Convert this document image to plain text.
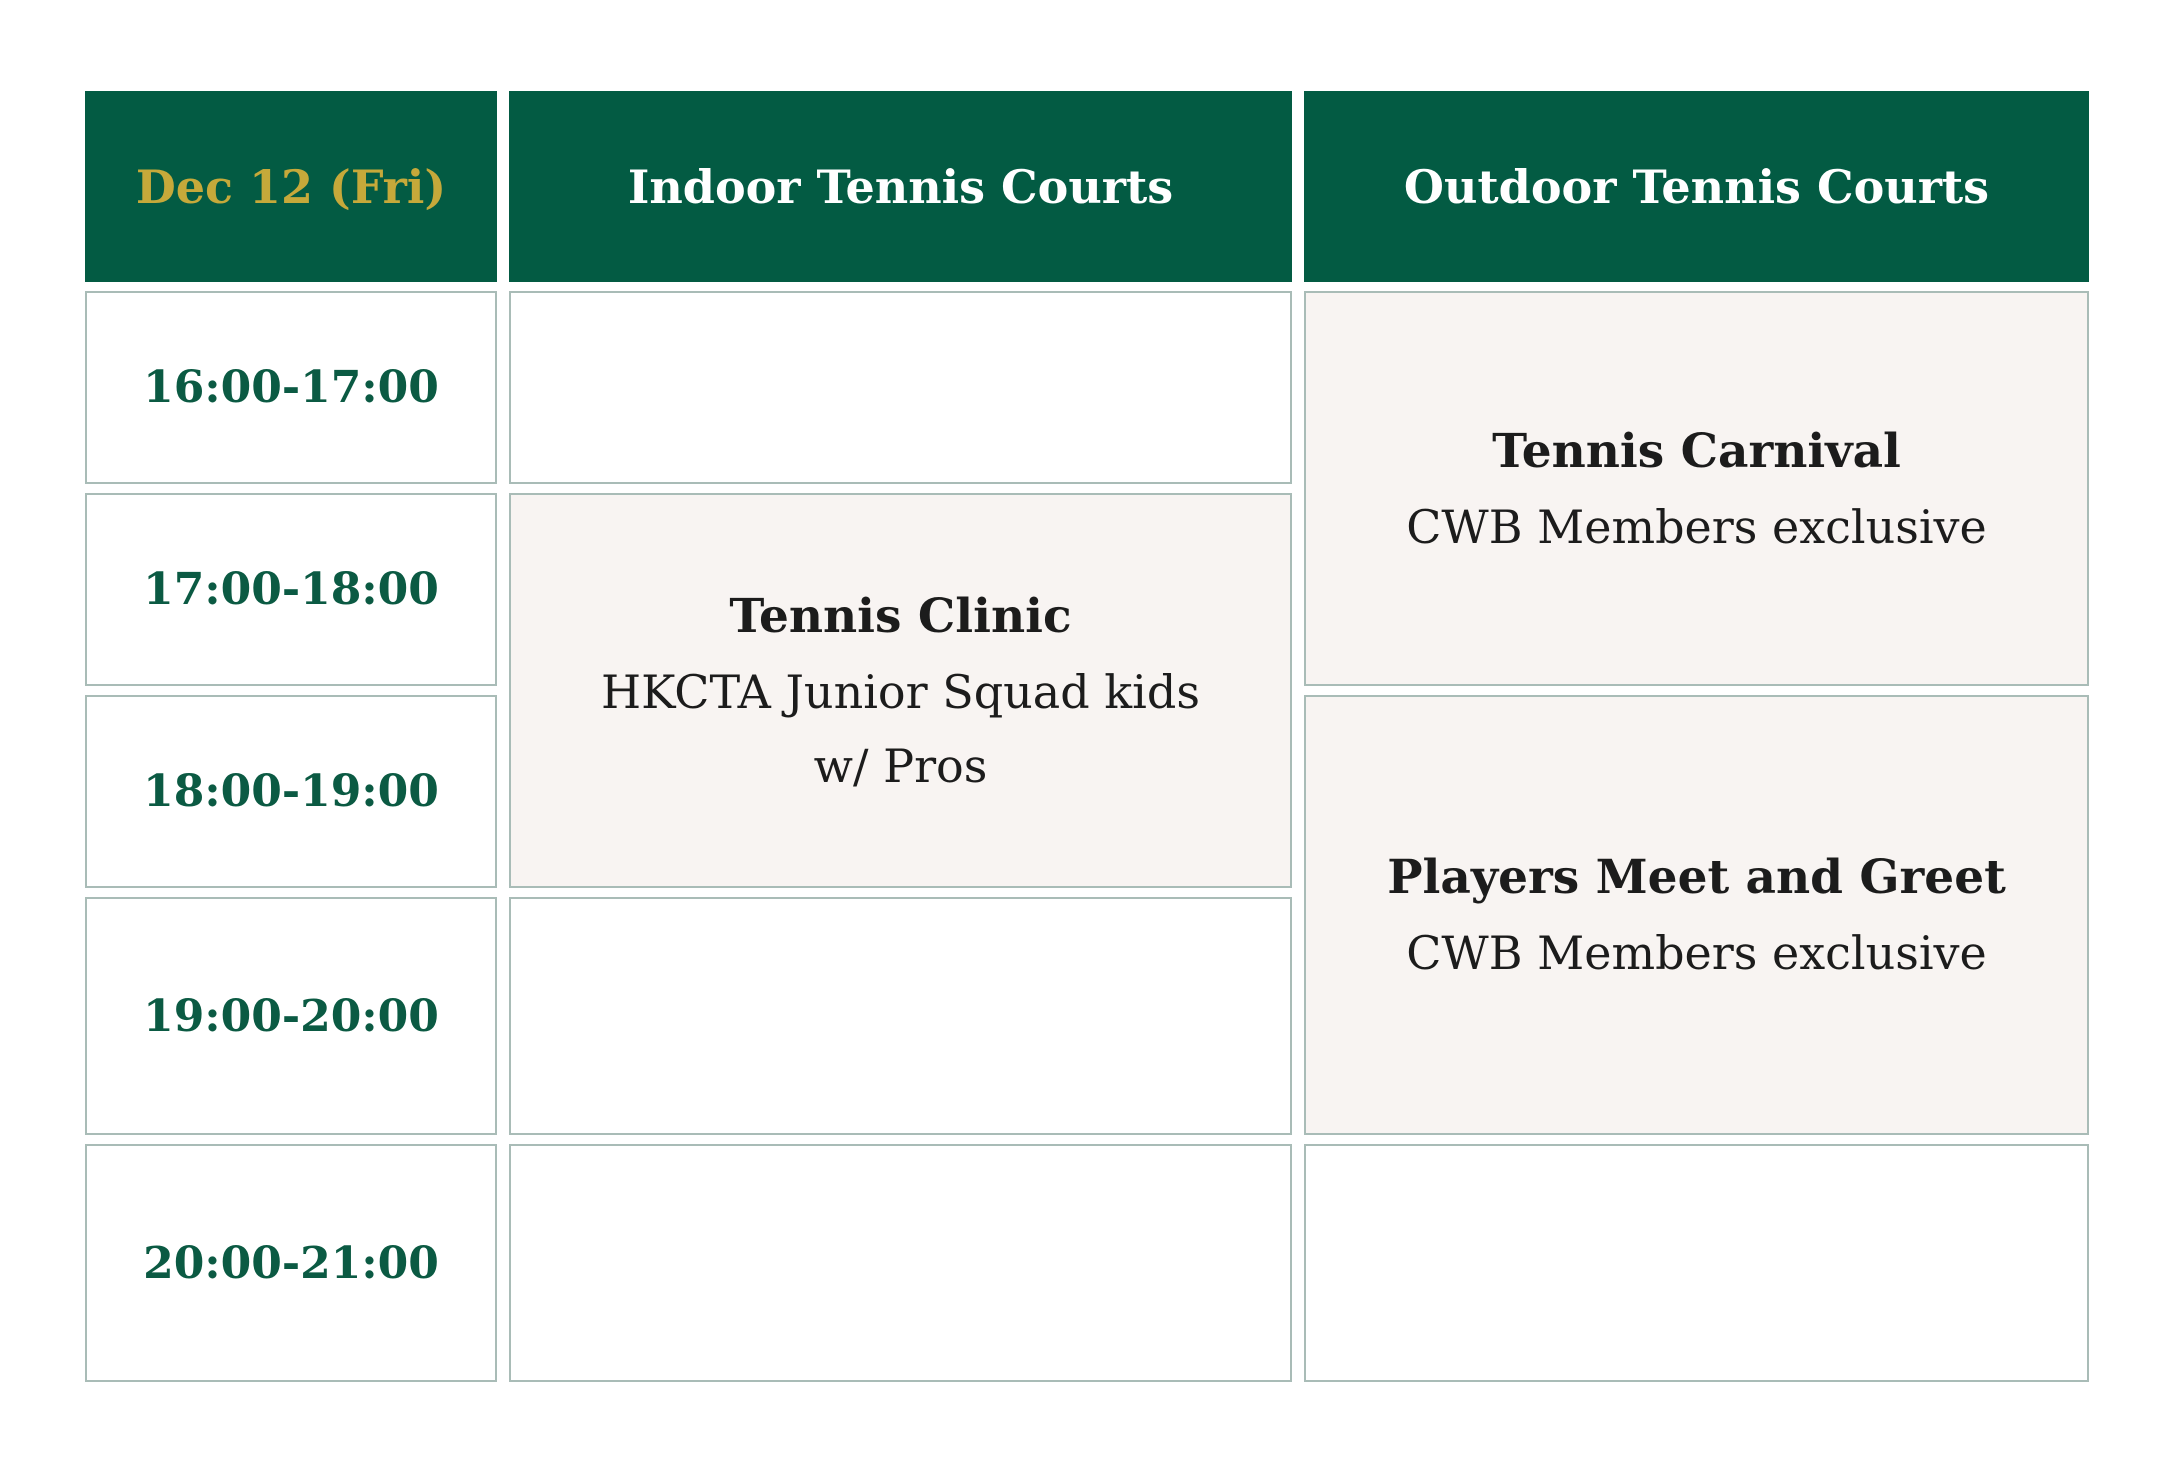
Dec 12 (Fri)	Indoor Tennis Courts	Outdoor Tennis Courts
16:00-17:00
17:00-18:00
18:00-19:00
19:00-20:00
20:00-21:00
Tennis Clinic
HKCTA Junior Squad kids w/ Pros
Tennis Carnival
CWB Members exclusive
Players Meet and Greet
CWB Members exclusive
